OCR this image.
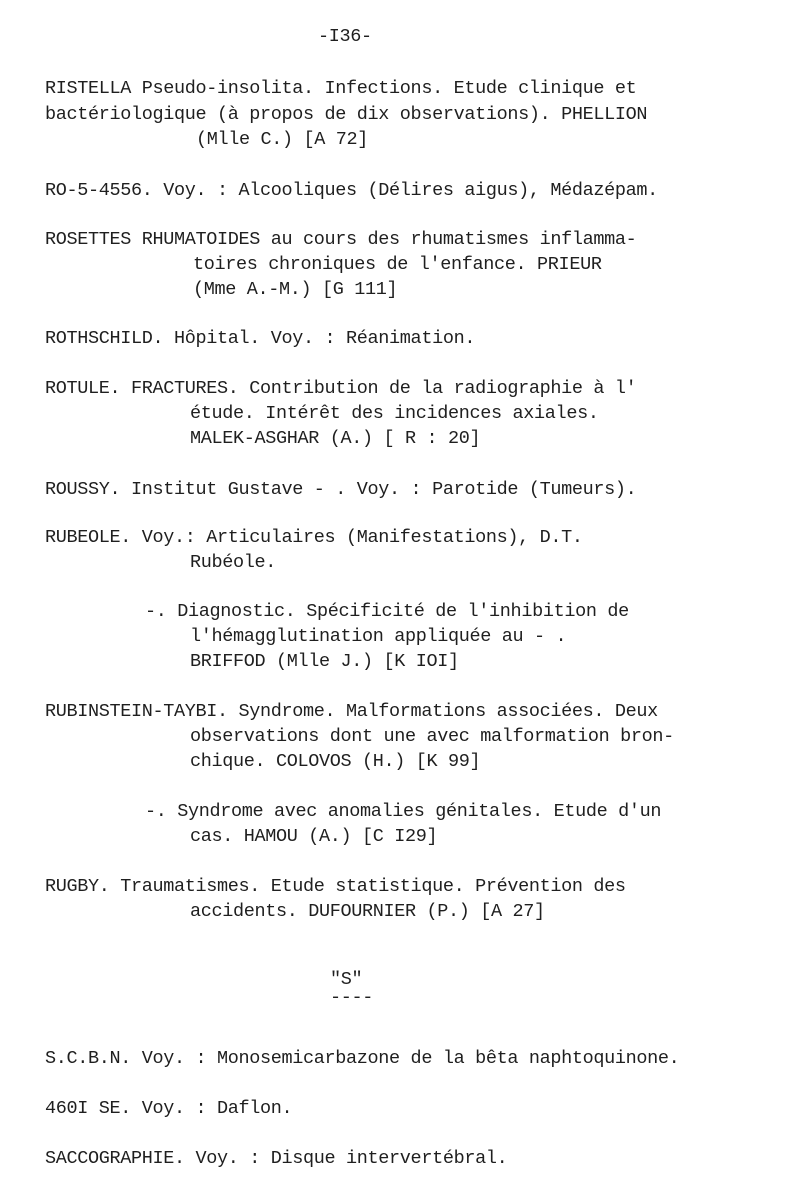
-I36-
RISTELLA Pseudo-insolita. Infections. Etude clinique et
bactériologique (à propos de dix observations). PHELLION
(Mlle C.) [A 72]
RO-5-4556. Voy. : Alcooliques (Délires aigus), Médazépam.
ROSETTES RHUMATOIDES au cours des rhumatismes inflamma-
toires chroniques de l'enfance. PRIEUR
(Mme A.-M.) [G 111]
ROTHSCHILD. Hôpital. Voy. : Réanimation.
ROTULE. FRACTURES. Contribution de la radiographie à l'
étude. Intérêt des incidences axiales.
MALEK-ASGHAR (A.) [ R : 20]
ROUSSY. Institut Gustave - . Voy. : Parotide (Tumeurs).
RUBEOLE. Voy.: Articulaires (Manifestations), D.T.
Rubéole.
-. Diagnostic. Spécificité de l'inhibition de
l'hémagglutination appliquée au - .
BRIFFOD (Mlle J.) [K IOI]
RUBINSTEIN-TAYBI. Syndrome. Malformations associées. Deux
observations dont une avec malformation bron-
chique. COLOVOS (H.) [K 99]
-. Syndrome avec anomalies génitales. Etude d'un
cas. HAMOU (A.) [C I29]
RUGBY. Traumatismes. Etude statistique. Prévention des
accidents. DUFOURNIER (P.) [A 27]
"S"
----
S.C.B.N. Voy. : Monosemicarbazone de la bêta naphtoquinone.
460I SE. Voy. : Daflon.
SACCOGRAPHIE. Voy. : Disque intervertébral.
